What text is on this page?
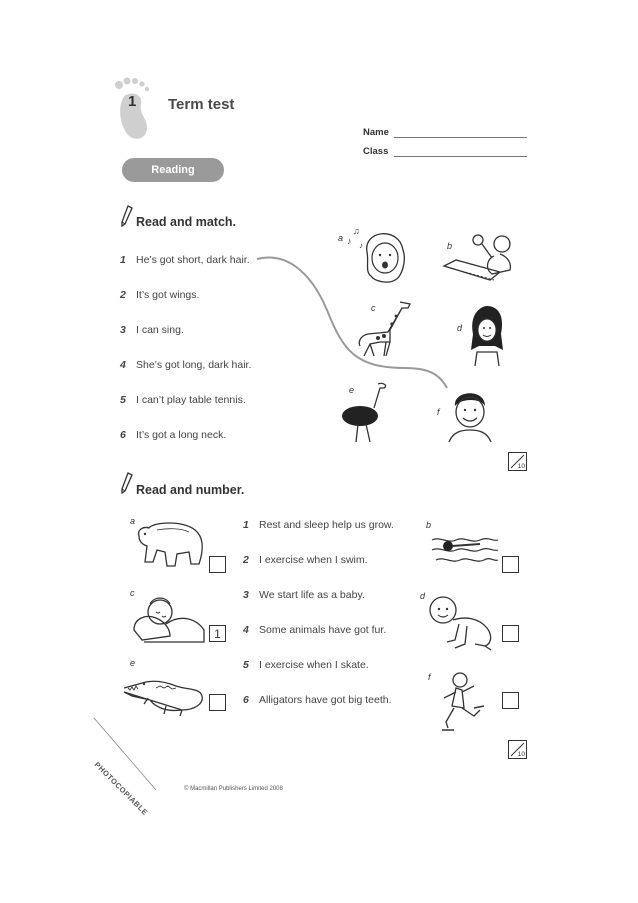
1 Term test
Name
Class
Reading
Read and match.
1 He’s got short, dark hair.
2 It’s got wings.
3 I can sing.
4 She’s got long, dark hair.
5 I can’t play table tennis.
6 It’s got a long neck.
a ♪
♫
♪	b
c
d
e
f
10
Read and number.
1 Rest and sleep help us grow.
2 I exercise when I swim.
3 We start life as a baby.
4 Some animals have got fur.
5 I exercise when I skate.
6 Alligators have got big teeth.
a
c
1
e
b
d
f
10
PHOTOCOPIABLE	© Macmillan Publishers Limited 2008
